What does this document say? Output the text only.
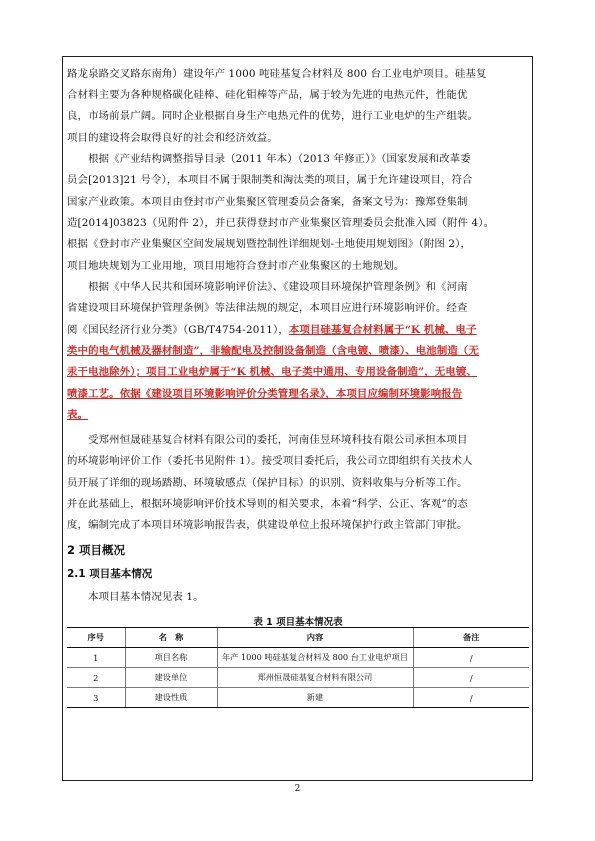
路龙泉路交叉路东南角）建设年产 1000 吨硅基复合材料及 800 台工业电炉项目。硅基复
合材料主要为各种规格碳化硅棒、硅化钼棒等产品，属于较为先进的电热元件，性能优
良，市场前景广阔。同时企业根据自身生产电热元件的优势，进行工业电炉的生产组装。
项目的建设将会取得良好的社会和经济效益。
　　根据《产业结构调整指导目录（2011 年本）（2013 年修正）》（国家发展和改革委
员会[2013]21 号令），本项目不属于限制类和淘汰类的项目，属于允许建设项目，符合
国家产业政策。本项目由登封市产业集聚区管理委员会备案，备案文号为：豫郑登集制
造[2014]03823（见附件 2），并已获得登封市产业集聚区管理委员会批准入园（附件 4）。
根据《登封市产业集聚区空间发展规划暨控制性详细规划-土地使用规划图》（附图 2），
项目地块规划为工业用地，项目用地符合登封市产业集聚区的土地规划。
　　根据《中华人民共和国环境影响评价法》、《建设项目环境保护管理条例》和《河南
省建设项目环境保护管理条例》等法律法规的规定，本项目应进行环境影响评价。经查
阅《国民经济行业分类》（GB/T4754-2011），本项目硅基复合材料属于“K 机械、电子
类中的电气机械及器材制造”，非输配电及控制设备制造（含电镀、喷漆）、电池制造（无
汞干电池除外）；项目工业电炉属于“K 机械、电子类中通用、专用设备制造”，无电镀、
喷漆工艺。依据《建设项目环境影响评价分类管理名录》，本项目应编制环境影响报告
表。
　　受郑州恒晟硅基复合材料有限公司的委托，河南佳昱环境科技有限公司承担本项目
的环境影响评价工作（委托书见附件 1）。接受项目委托后，我公司立即组织有关技术人
员开展了详细的现场踏勘、环境敏感点（保护目标）的识别、资料收集与分析等工作。
并在此基础上，根据环境影响评价技术导则的相关要求，本着“科学、公正、客观”的态
度，编制完成了本项目环境影响报告表，供建设单位上报环境保护行政主管部门审批。
2 项目概况
2.1 项目基本情况
　　本项目基本情况见表 1。
表 1 项目基本情况表
序号	名　称	内容	备注
1	项目名称	年产 1000 吨硅基复合材料及 800 台工业电炉项目	/
2	建设单位	郑州恒晟硅基复合材料有限公司	/
3	建设性质	新建	/
2
